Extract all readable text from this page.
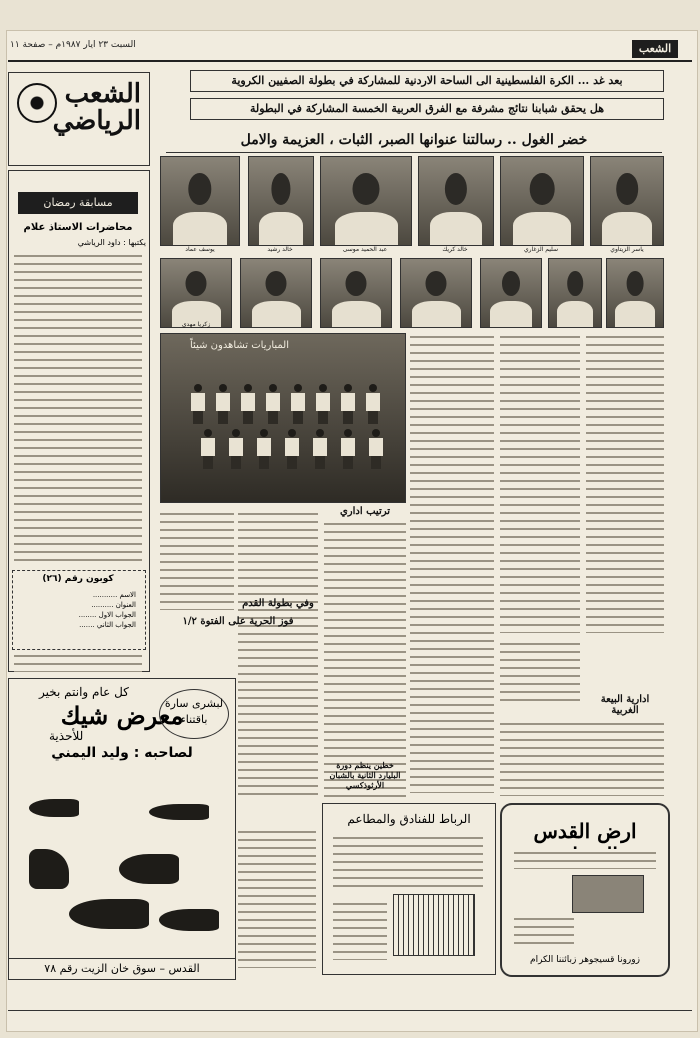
السبت ٢٣ ايار ١٩٨٧م – صفحة ١١	الشعب
الشعب
الرياضي
مسابقة رمضان
محاضرات الاستاذ علام
يكتبها : داود الرياشي
كوبون رقم (٢٦)
الاسم ...........
العنوان ..........
الجواب الاول ........
الجواب الثاني .......
بعد غد ... الكرة الفلسطينية الى الساحة الاردنية للمشاركة في بطولة الصفيين الكروية
هل يحقق شبابنا نتائج مشرفة مع الفرق العربية الخمسة المشاركة في البطولة
خضر الغول .. رسالتنا عنوانها الصبر، الثبات ، العزيمة والامل
يوسف عماد	خالد رشيد	عبد الحميد موسى	خالد كريك	سليم الزغاري	ياسر الزيتاوي
زكريا مهدي
المباريات تشاهدون شيئاً
ترتيب اداري
فوز الحرية على الفتوة ١/٢
وفي بطولة القدم
خطين ينظم دورة البليارد الثانية بالشبان الأرثوذكسي
ادارية البيعة الغربية
كل عام وانتم بخير
معرض شيك
للأحذية
لصاحبه : وليد اليمني
لبشرى سارة باقتناء
القدس – سوق خان الزيت رقم ٧٨
الرباط للفنادق والمطاعم	ارض القدس
زورونا قسيجوهر زبائننا الكرام
